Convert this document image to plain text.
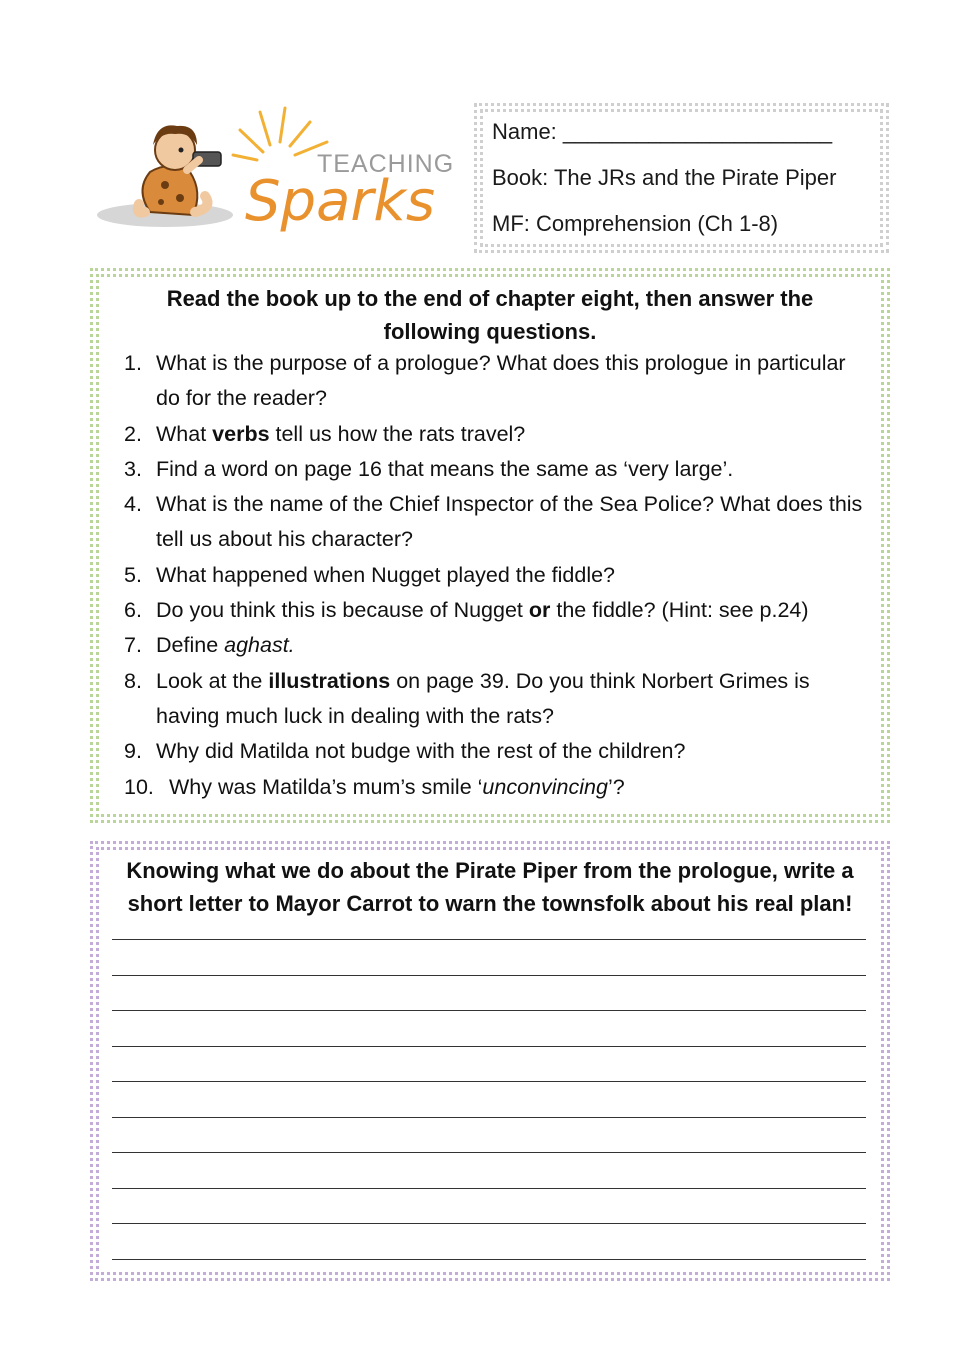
TEACHING
Sparks
Name: ______________________
Book: The JRs and the Pirate Piper
MF: Comprehension (Ch 1-8)
Read the book up to the end of chapter eight, then answer the following questions.
1. What is the purpose of a prologue? What does this prologue in particular do for the reader?
2. What verbs tell us how the rats travel?
3. Find a word on page 16 that means the same as ‘very large’.
4. What is the name of the Chief Inspector of the Sea Police? What does this tell us about his character?
5. What happened when Nugget played the fiddle?
6. Do you think this is because of Nugget or the fiddle? (Hint: see p.24)
7. Define aghast.
8. Look at the illustrations on page 39. Do you think Norbert Grimes is having much luck in dealing with the rats?
9. Why did Matilda not budge with the rest of the children?
10. Why was Matilda’s mum’s smile ‘unconvincing’?
Knowing what we do about the Pirate Piper from the prologue, write a short letter to Mayor Carrot to warn the townsfolk about his real plan!
